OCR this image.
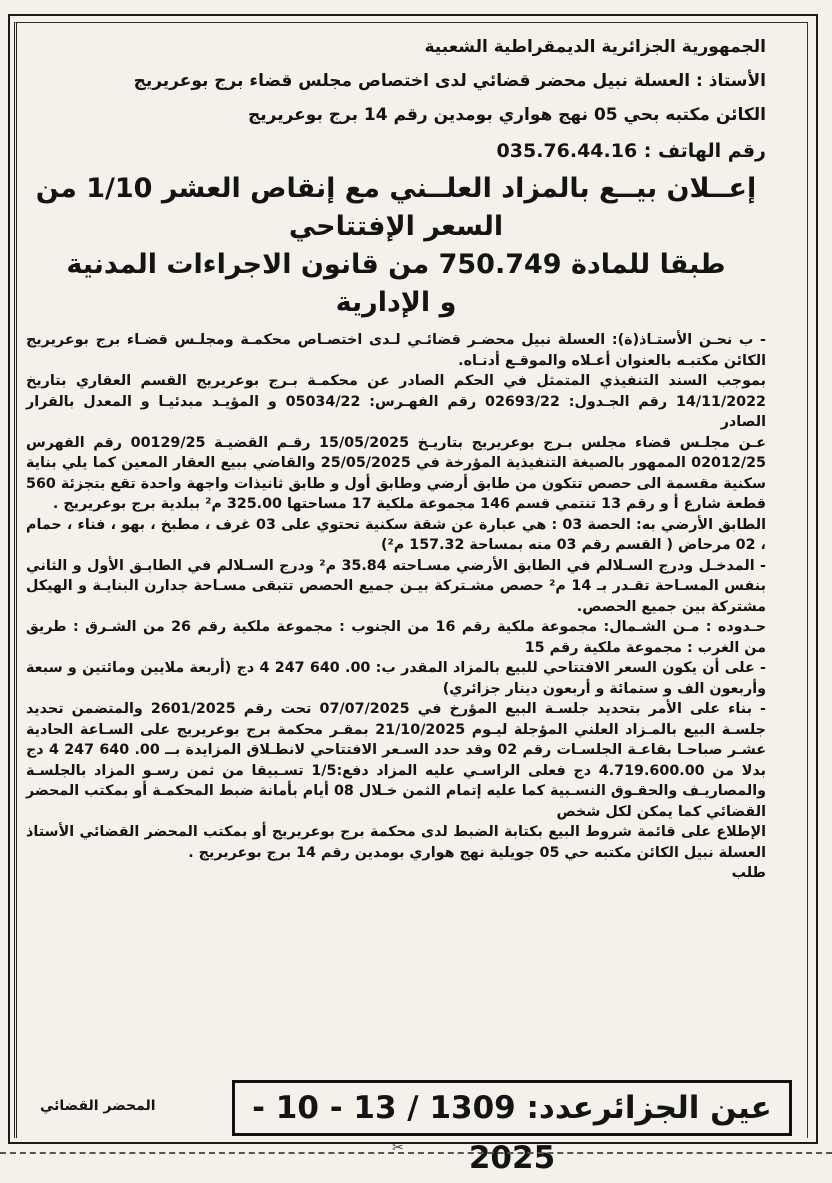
الجمهورية الجزائرية الديمقراطية الشعبية

الأستاذ : العسلة نبيل محضر قضائي لدى اختصاص مجلس قضاء برج بوعريريج

الكائن مكتبه بحي 05 نهج هواري بومدين رقم 14 برج بوعريريج

رقم الهاتف : 035.76.44.16

إعــلان بيــع بالمزاد العلــني مع إنقاص العشر 1/10 من السعر الإفتتاحي
طبقا للمادة 750.749 من قانون الاجراءات المدنية
و الإدارية

- ب نحـن الأستـاذ(ة): العسلة نبيل محضـر قضائـي لـدى اختصـاص محكمـة ومجلـس قضـاء برج بوعريريج الكائن مكتبـه بالعنوان أعـلاه والموقـع أدنـاه.

بموجب السند التنفيذي المتمثل في الحكم الصادر عن محكمـة بـرج بوعريريج القسم العقاري بتاريخ 14/11/2022 رقم الجـدول: 02693/22 رقم الفهـرس: 05034/22 و المؤيـد مبدئيـا و المعدل بالقرار الصادر

عـن مجلـس قضاء مجلس بـرج بوعريريج بتاريـخ 15/05/2025 رقـم القضيـة 00129/25 رقم الفهرس 02012/25 الممهور بالصيغة التنفيذية المؤرخة في 25/05/2025 والقاضي ببيع العقار المعين كما يلي بناية سكنية مقسمة الى حصص تتكون من طابق أرضي وطابق أول و طابق ثانيذات واجهة واحدة تقع بتجزئة 560 قطعة شارع أ و رقم 13 تنتمي قسم 146 مجموعة ملكية 17 مساحتها 325.00 م² ببلدية برج بوعريريج .

الطابق الأرضي به: الحصة 03 : هي عبارة عن شقة سكنية تحتوي على 03 غرف ، مطبخ ، بهو ، فناء ، حمام ، 02 مرحاض ( القسم رقم 03 منه بمساحة 157.32 م²)

- المدخـل ودرج السـلالم في الطابق الأرضي مسـاحته 35.84 م² ودرج السـلالم في الطابـق الأول و الثاني بنفس المسـاحة تقـدر بـ 14 م² حصص مشـتركة بيـن جميع الحصص تتبقى مسـاحة جدارن البنايـة و الهيكل مشتركة بين جميع الحصص.

حـدوده : مـن الشـمال: مجموعة ملكية رقم 16 من الجنوب : مجموعة ملكية رقم 26 من الشـرق : طريق من الغرب : مجموعة ملكية رقم 15

- على أن يكون السعر الافتتاحي للبيع بالمزاد المقدر ب: 00. 640 247 4 دج (أربعة ملايين ومائتين و سبعة وأربعون الف و ستمائة و أربعون دينار جزائري)

- بناء على الأمر بتحديد جلسـة البيع المؤرخ في 07/07/2025 تحت رقم 2601/2025 والمتضمن تحديد جلسـة البيع بالمـزاد العلني المؤجلة ليـوم 21/10/2025 بمقـر محكمة برج بوعريريج على السـاعة الحادية عشـر صباحـا بقاعـة الجلسـات رقم 02 وقد حدد السـعر الافتتاحي لانطـلاق المزايدة بــ 00. 640 247 4 دج بدلا من 4.719.600.00 دج فعلى الراسـي عليه المزاد دفع:1/5 تسـبيقا من ثمن رسـو المزاد بالجلسـة والمصاريـف والحقـوق النسـبية كما عليه إتمام الثمن خـلال 08 أيام بأمانة ضبط المحكمـة أو بمكتب المحضر القضائي كما يمكن لكل شخص

الإطلاع على قائمة شروط البيع بكتابة الضبط لدى محكمة برج بوعريريج أو بمكتب المحضر القضائي الأستاذ العسلة نبيل الكائن مكتبه حي 05 جويلية نهج هواري بومدين رقم 14 برج بوعريريج .

طلب

عين الجزائرعدد: 1309 / 13 - 10 - 2025
المحضر القضائي
✂
